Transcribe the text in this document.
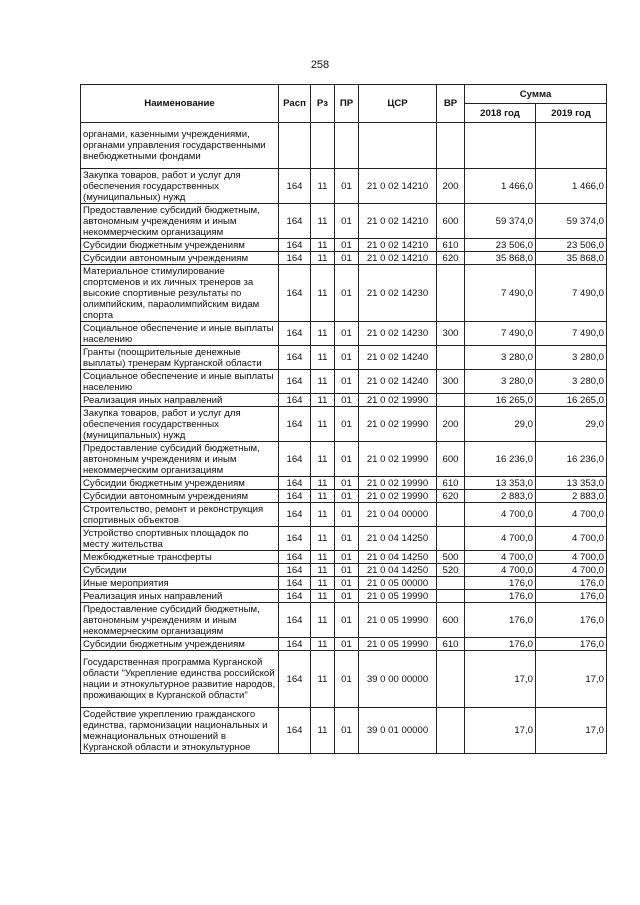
258
Наименование	Расп	Рз	ПР	ЦСР	ВР	Сумма	
						2018 год	2019 год
органами, казенными учреждениями, органами управления государственными внебюджетными фондами							
Закупка товаров, работ и услуг для обеспечения государственных (муниципальных) нужд	164	11	01	21 0 02 14210	200	1 466,0	1 466,0
Предоставление субсидий бюджетным, автономным учреждениям и иным некоммерческим организациям	164	11	01	21 0 02 14210	600	59 374,0	59 374,0
Субсидии бюджетным учреждениям	164	11	01	21 0 02 14210	610	23 506,0	23 506,0
Субсидии автономным учреждениям	164	11	01	21 0 02 14210	620	35 868,0	35 868,0
Материальное стимулирование спортсменов и их личных тренеров за высокие спортивные результаты по олимпийским, параолимпийским видам спорта	164	11	01	21 0 02 14230		7 490,0	7 490,0
Социальное обеспечение и иные выплаты населению	164	11	01	21 0 02 14230	300	7 490,0	7 490,0
Гранты (поощрительные денежные выплаты) тренерам Курганской области	164	11	01	21 0 02 14240		3 280,0	3 280,0
Социальное обеспечение и иные выплаты населению	164	11	01	21 0 02 14240	300	3 280,0	3 280,0
Реализация иных направлений	164	11	01	21 0 02 19990		16 265,0	16 265,0
Закупка товаров, работ и услуг для обеспечения государственных (муниципальных) нужд	164	11	01	21 0 02 19990	200	29,0	29,0
Предоставление субсидий бюджетным, автономным учреждениям и иным некоммерческим организациям	164	11	01	21 0 02 19990	600	16 236,0	16 236,0
Субсидии бюджетным учреждениям	164	11	01	21 0 02 19990	610	13 353,0	13 353,0
Субсидии автономным учреждениям	164	11	01	21 0 02 19990	620	2 883,0	2 883,0
Строительство, ремонт и реконструкция спортивных объектов	164	11	01	21 0 04 00000		4 700,0	4 700,0
Устройство спортивных площадок по месту жительства	164	11	01	21 0 04 14250		4 700,0	4 700,0
Межбюджетные трансферты	164	11	01	21 0 04 14250	500	4 700,0	4 700,0
Субсидии	164	11	01	21 0 04 14250	520	4 700,0	4 700,0
Иные мероприятия	164	11	01	21 0 05 00000		176,0	176,0
Реализация иных направлений	164	11	01	21 0 05 19990		176,0	176,0
Предоставление субсидий бюджетным, автономным учреждениям и иным некоммерческим организациям	164	11	01	21 0 05 19990	600	176,0	176,0
Субсидии бюджетным учреждениям	164	11	01	21 0 05 19990	610	176,0	176,0
Государственная программа Курганской области "Укрепление единства российской нации и этнокультурное развитие народов, проживающих в Курганской области"	164	11	01	39 0 00 00000		17,0	17,0
Содействие укреплению гражданского единства, гармонизации национальных и межнациональных отношений в Курганской области и этнокультурное	164	11	01	39 0 01 00000		17,0	17,0
